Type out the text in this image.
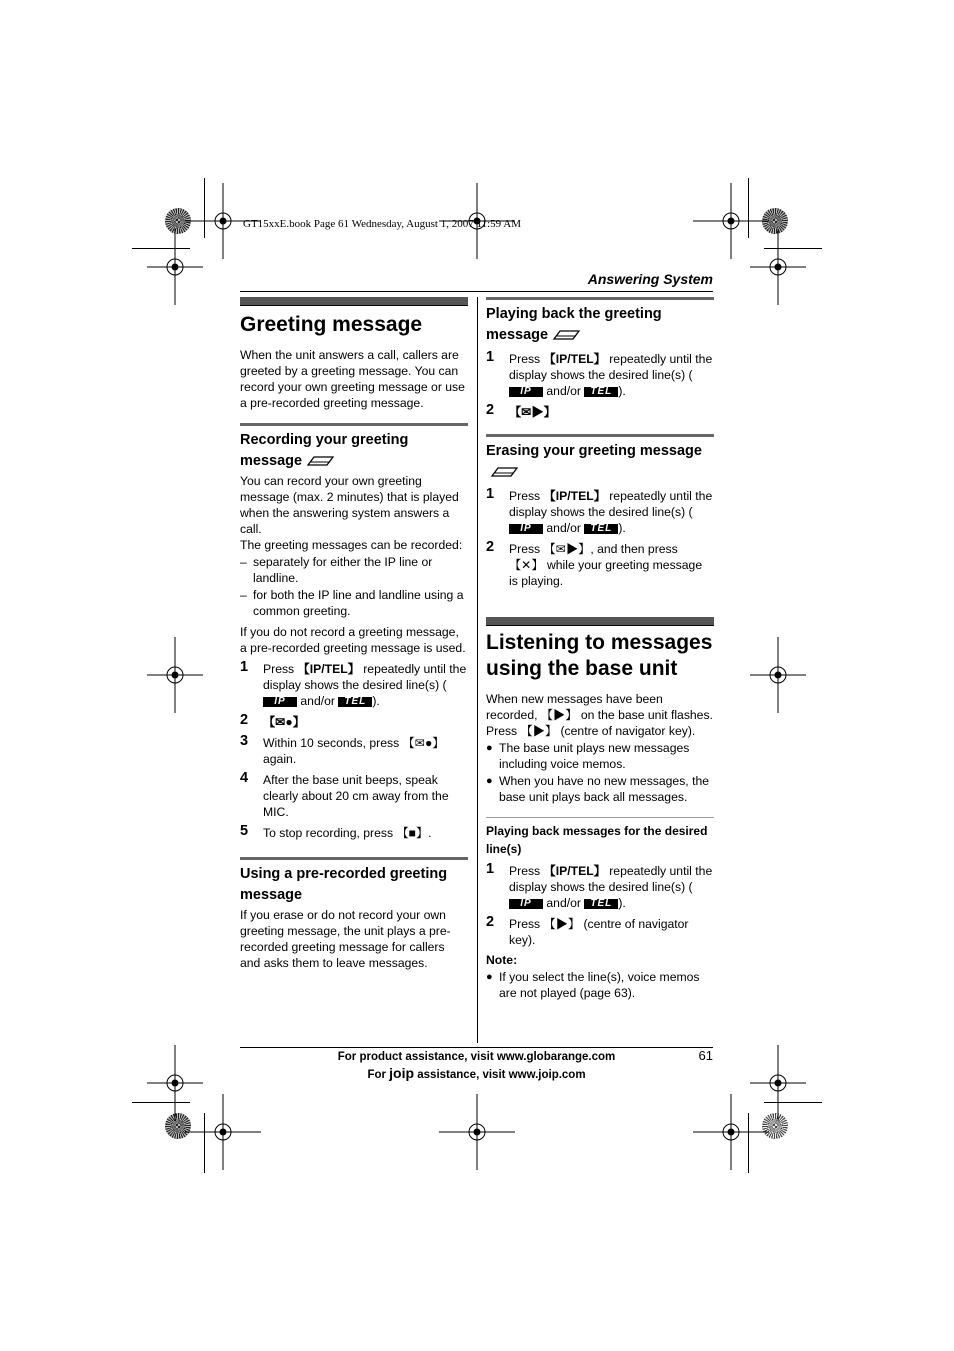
GT15xxE.book Page 61 Wednesday, August 1, 2007 11:59 AM
Answering System
Greeting message

When the unit answers a call, callers are greeted by a greeting message. You can record your own greeting message or use a pre-recorded greeting message.

Recording your greeting message

You can record your own greeting message (max. 2 minutes) that is played when the answering system answers a call.

The greeting messages can be recorded:

– separately for either the IP line or landline.
– for both the IP line and landline using a common greeting.

If you do not record a greeting message, a pre-recorded greeting message is used.

1 Press 【IP/TEL】 repeatedly until the display shows the desired line(s) (IP and/or TEL ).
2 【✉●】
3 Within 10 seconds, press 【✉●】 again.
4 After the base unit beeps, speak clearly about 20 cm away from the MIC.
5 To stop recording, press 【■】.
Using a pre-recorded greeting message

If you erase or do not record your own greeting message, the unit plays a pre-recorded greeting message for callers and asks them to leave messages.

Playing back the greeting message
1 Press 【IP/TEL】 repeatedly until the display shows the desired line(s) (IP and/or TEL ).
2 【✉▶】
Erasing your greeting message
1 Press 【IP/TEL】 repeatedly until the display shows the desired line(s) (IP and/or TEL ).
2 Press 【✉▶】, and then press 【✕】 while your greeting message is playing.
Listening to messages using the base unit

When new messages have been recorded, 【▶】 on the base unit flashes. Press 【▶】 (centre of navigator key).

● The base unit plays new messages including voice memos.
● When you have no new messages, the base unit plays back all messages.
Playing back messages for the desired line(s)
1 Press 【IP/TEL】 repeatedly until the display shows the desired line(s) (IP and/or TEL ).
2 Press 【▶】 (centre of navigator key).

Note:

● If you select the line(s), voice memos are not played (page 63).
For product assistance, visit www.globarange.com
For joip assistance, visit www.joip.com
61
